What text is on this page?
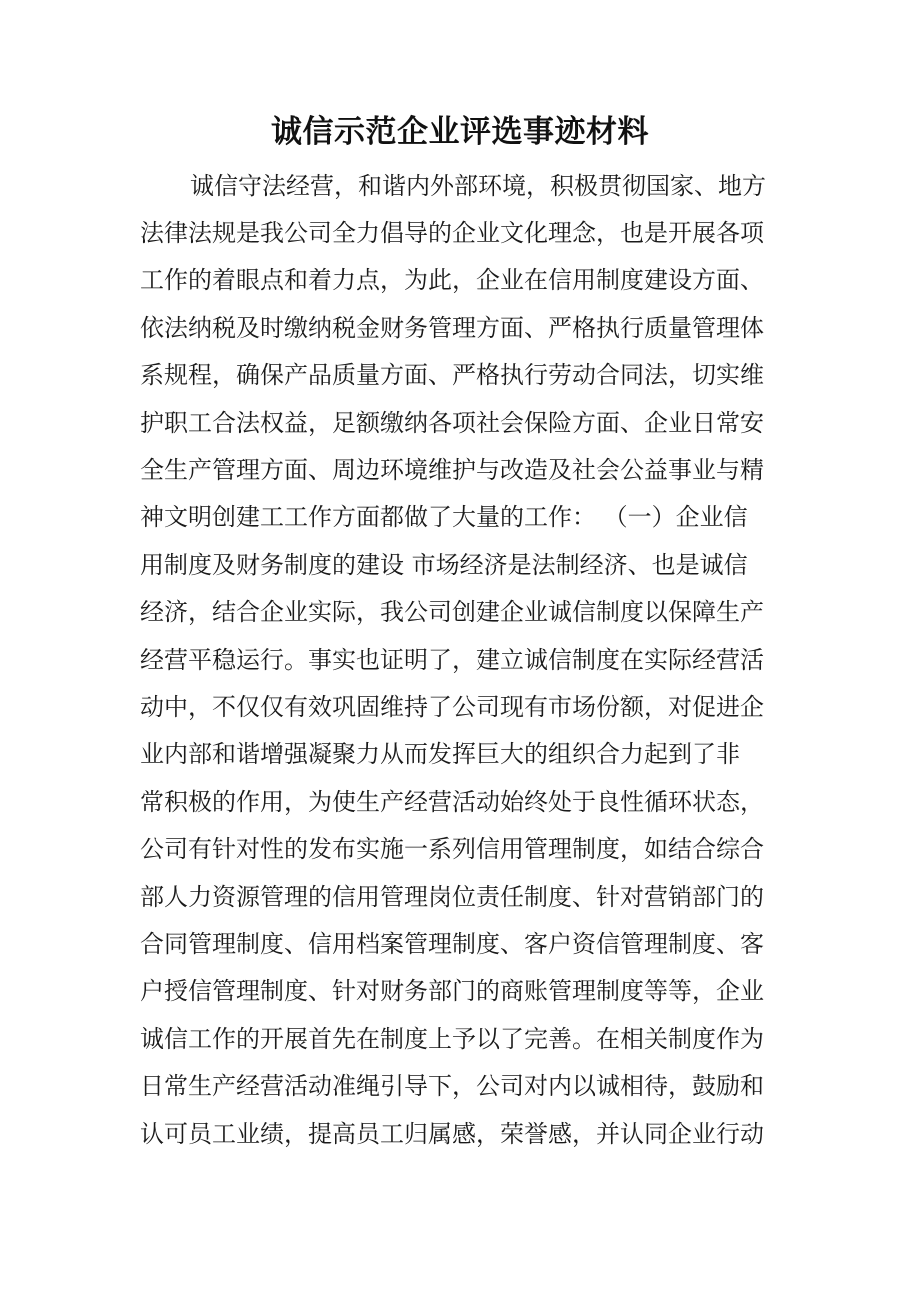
诚信示范企业评选事迹材料
诚信守法经营，和谐内外部环境，积极贯彻国家、地方
法律法规是我公司全力倡导的企业文化理念，也是开展各项
工作的着眼点和着力点，为此，企业在信用制度建设方面、
依法纳税及时缴纳税金财务管理方面、严格执行质量管理体
系规程，确保产品质量方面、严格执行劳动合同法，切实维
护职工合法权益，足额缴纳各项社会保险方面、企业日常安
全生产管理方面、周边环境维护与改造及社会公益事业与精
神文明创建工工作方面都做了大量的工作： （一）企业信
用制度及财务制度的建设 市场经济是法制经济、也是诚信
经济，结合企业实际，我公司创建企业诚信制度以保障生产
经营平稳运行。事实也证明了，建立诚信制度在实际经营活
动中，不仅仅有效巩固维持了公司现有市场份额，对促进企
业内部和谐增强凝聚力从而发挥巨大的组织合力起到了非
常积极的作用，为使生产经营活动始终处于良性循环状态，
公司有针对性的发布实施一系列信用管理制度，如结合综合
部人力资源管理的信用管理岗位责任制度、针对营销部门的
合同管理制度、信用档案管理制度、客户资信管理制度、客
户授信管理制度、针对财务部门的商账管理制度等等，企业
诚信工作的开展首先在制度上予以了完善。在相关制度作为
日常生产经营活动准绳引导下，公司对内以诚相待，鼓励和
认可员工业绩，提高员工归属感，荣誉感，并认同企业行动
